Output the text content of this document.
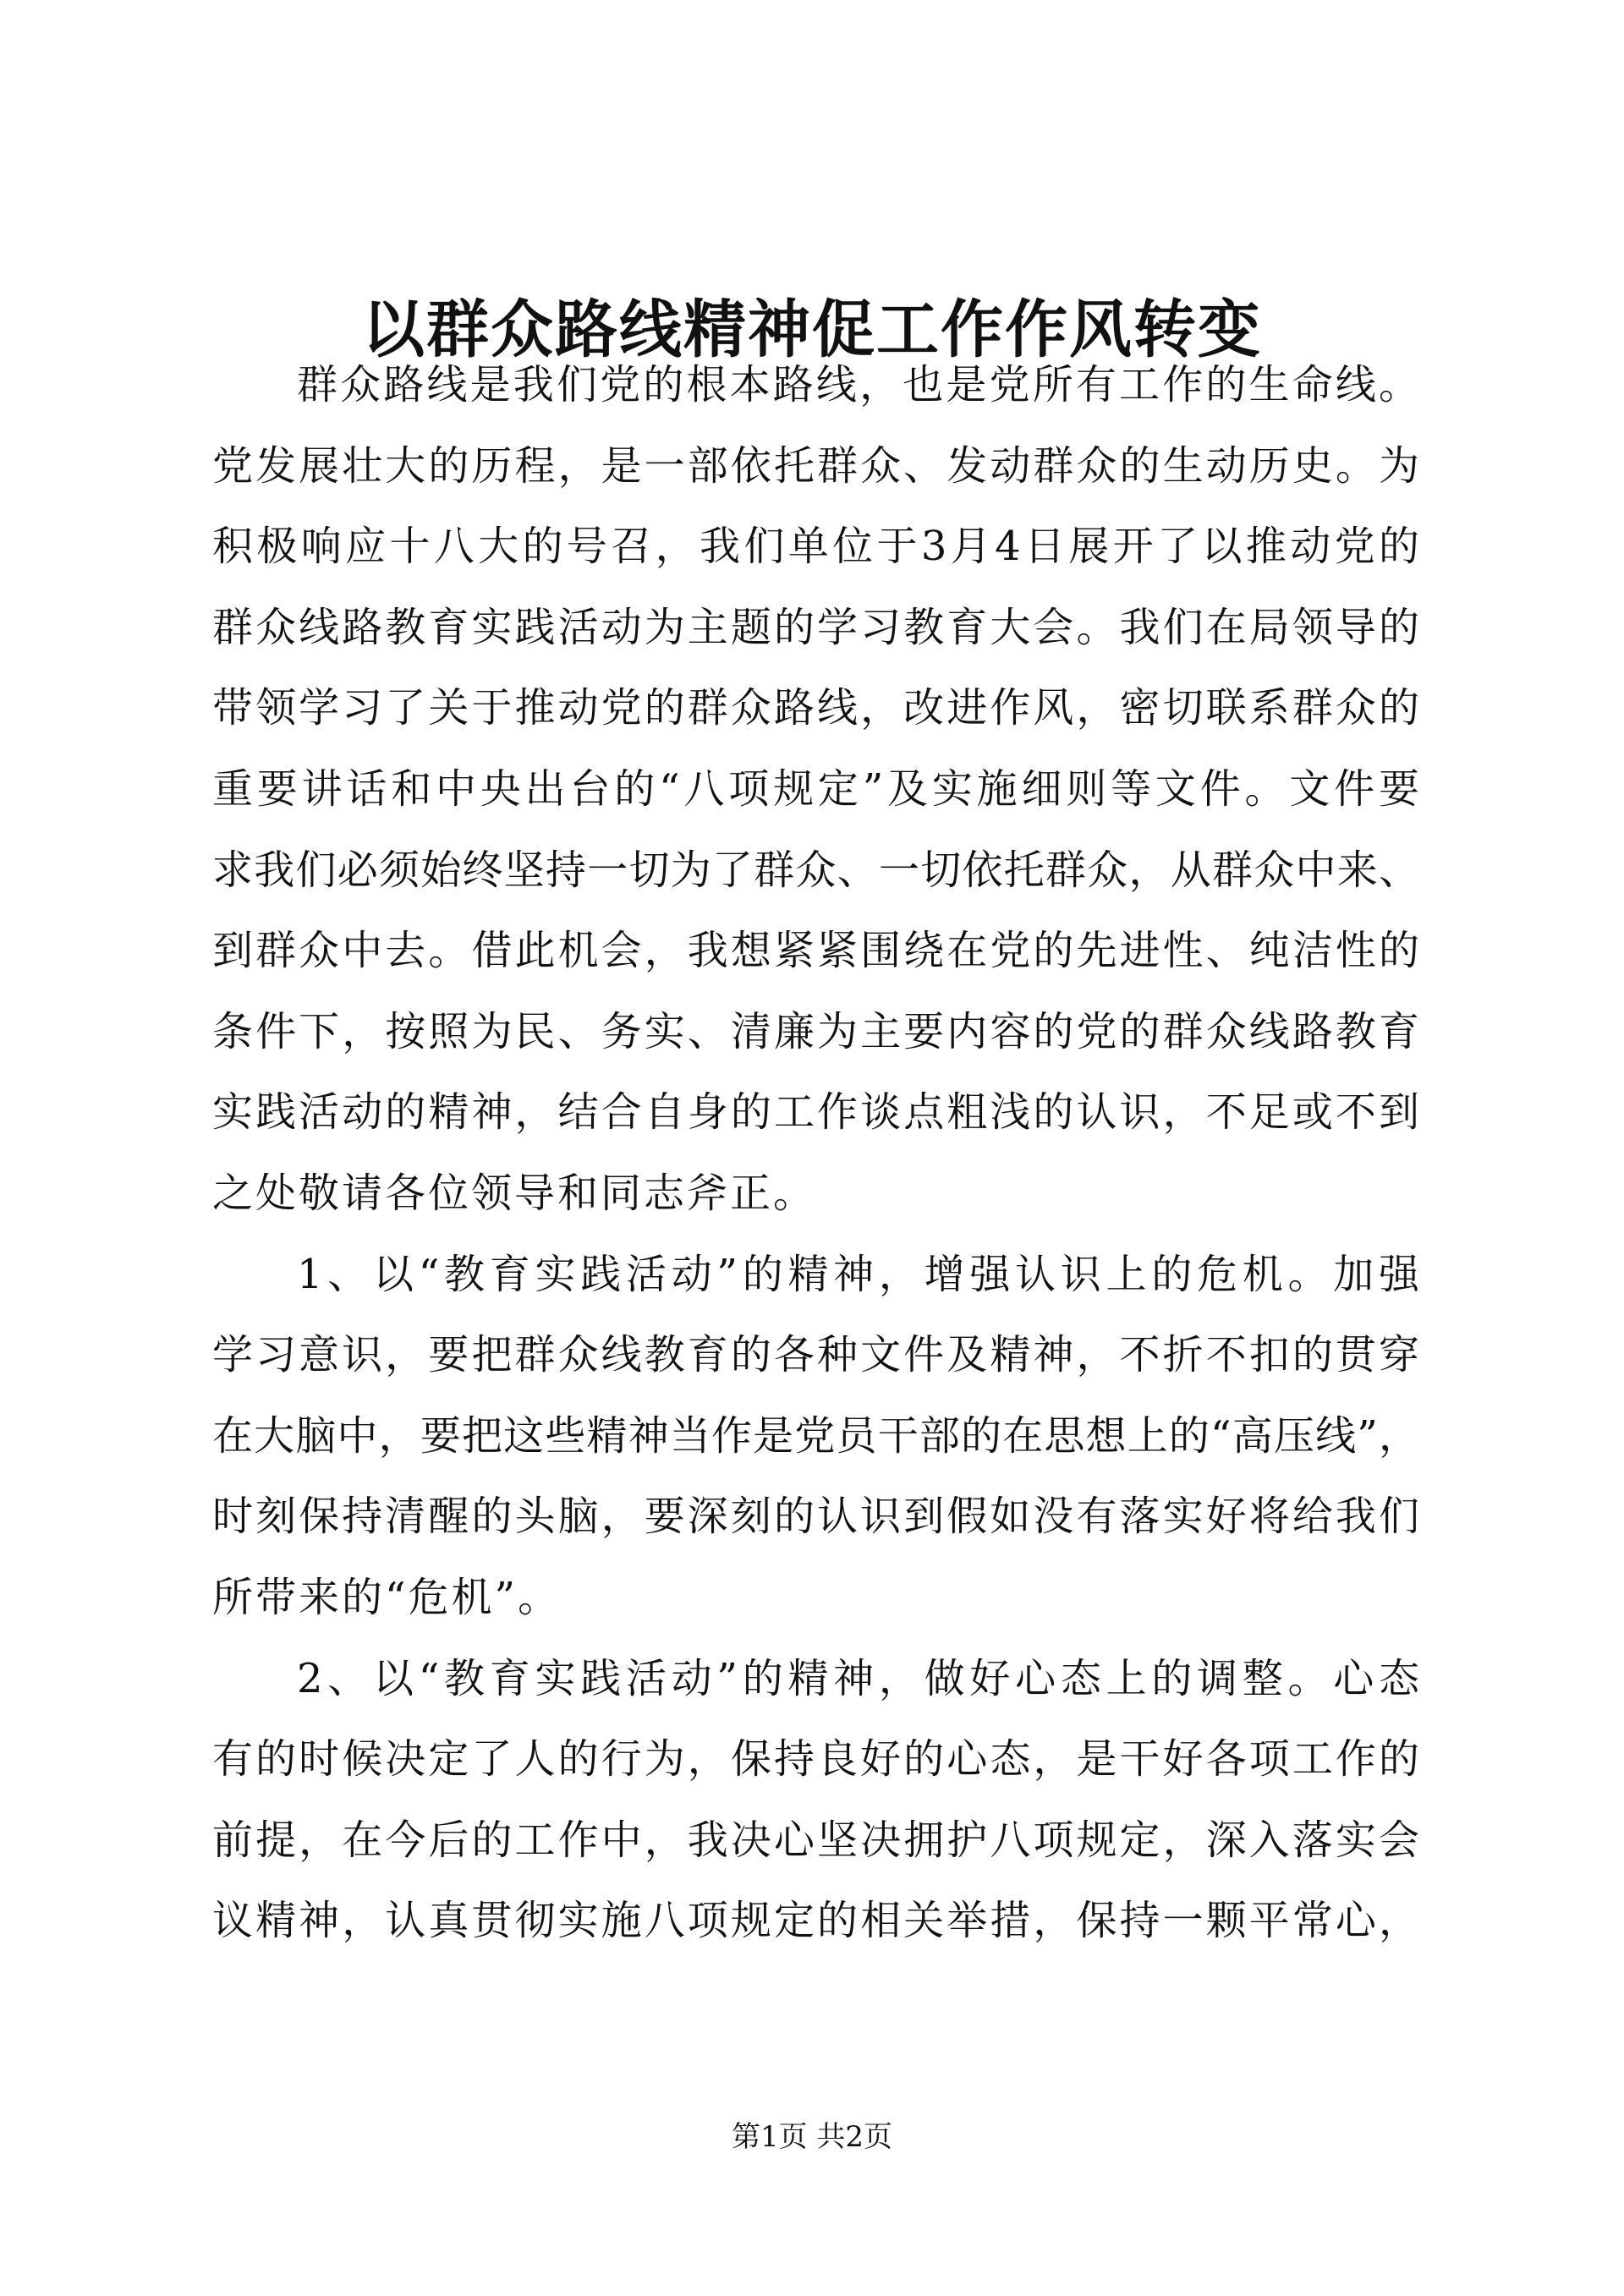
以群众路线精神促工作作风转变
群众路线是我们党的根本路线，也是党所有工作的生命线。
党发展壮大的历程，是一部依托群众、发动群众的生动历史。为
积极响应十八大的号召，我们单位于3月4日展开了以推动党的
群众线路教育实践活动为主题的学习教育大会。我们在局领导的
带领学习了关于推动党的群众路线，改进作风，密切联系群众的
重要讲话和中央出台的“八项规定”及实施细则等文件。文件要
求我们必须始终坚持一切为了群众、一切依托群众，从群众中来、
到群众中去。借此机会，我想紧紧围绕在党的先进性、纯洁性的
条件下，按照为民、务实、清廉为主要内容的党的群众线路教育
实践活动的精神，结合自身的工作谈点粗浅的认识，不足或不到
之处敬请各位领导和同志斧正。
1、以“教育实践活动”的精神，增强认识上的危机。加强
学习意识，要把群众线教育的各种文件及精神，不折不扣的贯穿
在大脑中，要把这些精神当作是党员干部的在思想上的“高压线”，
时刻保持清醒的头脑，要深刻的认识到假如没有落实好将给我们
所带来的“危机”。
2、以“教育实践活动”的精神，做好心态上的调整。心态
有的时候决定了人的行为，保持良好的心态，是干好各项工作的
前提，在今后的工作中，我决心坚决拥护八项规定，深入落实会
议精神，认真贯彻实施八项规定的相关举措，保持一颗平常心，
第1页 共2页
